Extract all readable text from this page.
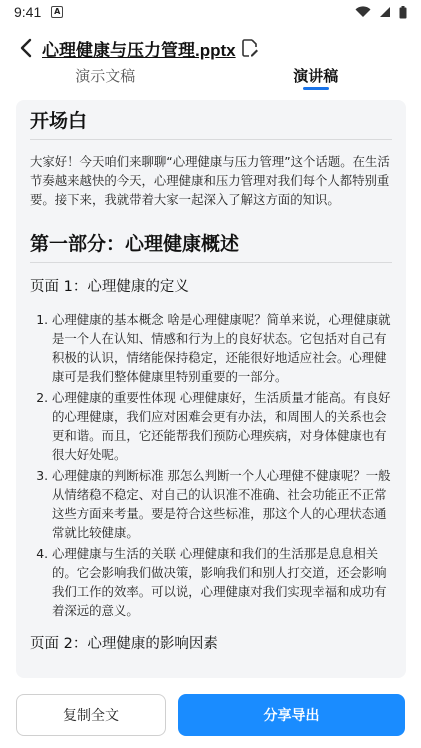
9:41	A
心理健康与压力管理.pptx
演示文稿	演讲稿
开场白

大家好！今天咱们来聊聊“心理健康与压力管理”这个话题。在生活节奏越来越快的今天，心理健康和压力管理对我们每个人都特别重要。接下来，我就带着大家一起深入了解这方面的知识。

第一部分：心理健康概述
页面 1：心理健康的定义
1. 心理健康的基本概念 啥是心理健康呢？简单来说，心理健康就是一个人在认知、情感和行为上的良好状态。它包括对自己有积极的认识，情绪能保持稳定，还能很好地适应社会。心理健康可是我们整体健康里特别重要的一部分。
2. 心理健康的重要性体现 心理健康好，生活质量才能高。有良好的心理健康，我们应对困难会更有办法，和周围人的关系也会更和谐。而且，它还能帮我们预防心理疾病，对身体健康也有很大好处呢。
3. 心理健康的判断标准 那怎么判断一个人心理健不健康呢？一般从情绪稳不稳定、对自己的认识准不准确、社会功能正不正常这些方面来考量。要是符合这些标准，那这个人的心理状态通常就比较健康。
4. 心理健康与生活的关联 心理健康和我们的生活那是息息相关的。它会影响我们做决策，影响我们和别人打交道，还会影响我们工作的效率。可以说，心理健康对我们实现幸福和成功有着深远的意义。
页面 2：心理健康的影响因素
复制全文	分享导出
